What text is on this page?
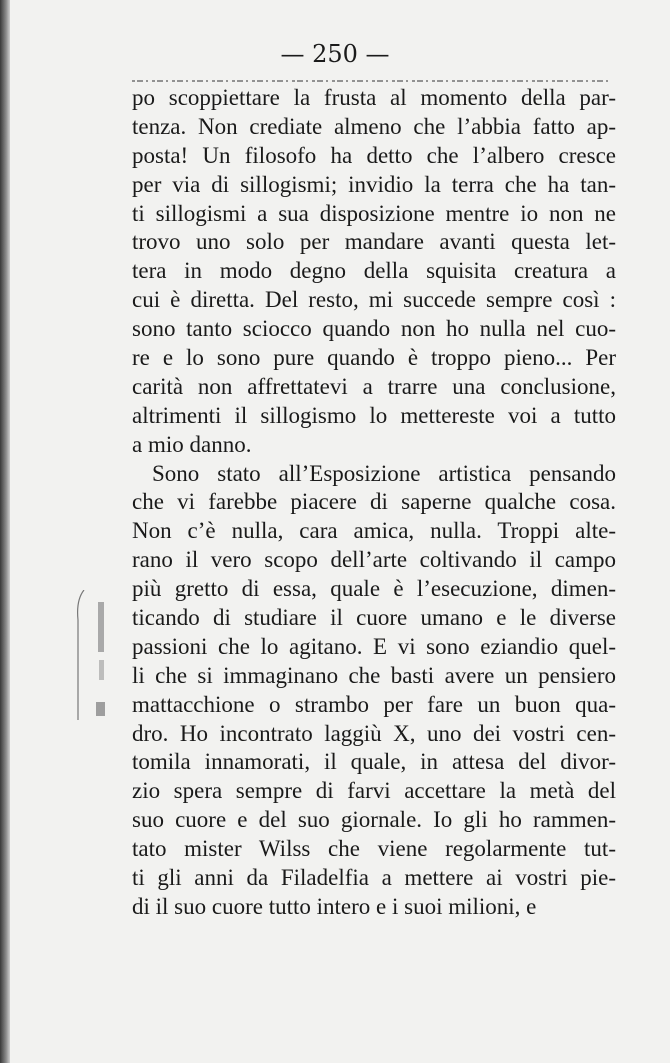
— 250 —
po scoppiettare la frusta al momento della par-
tenza. Non crediate almeno che l’abbia fatto ap-
posta! Un filosofo ha detto che l’albero cresce
per via di sillogismi; invidio la terra che ha tan-
ti sillogismi a sua disposizione mentre io non ne
trovo uno solo per mandare avanti questa let-
tera in modo degno della squisita creatura a
cui è diretta. Del resto, mi succede sempre così :
sono tanto sciocco quando non ho nulla nel cuo-
re e lo sono pure quando è troppo pieno... Per
carità non affrettatevi a trarre una conclusione,
altrimenti il sillogismo lo mettereste voi a tutto
a mio danno.
Sono stato all’Esposizione artistica pensando
che vi farebbe piacere di saperne qualche cosa.
Non c’è nulla, cara amica, nulla. Troppi alte-
rano il vero scopo dell’arte coltivando il campo
più gretto di essa, quale è l’esecuzione, dimen-
ticando di studiare il cuore umano e le diverse
passioni che lo agitano. E vi sono eziandio quel-
li che si immaginano che basti avere un pensiero
mattacchione o strambo per fare un buon qua-
dro. Ho incontrato laggiù X, uno dei vostri cen-
tomila innamorati, il quale, in attesa del divor-
zio spera sempre di farvi accettare la metà del
suo cuore e del suo giornale. Io gli ho rammen-
tato mister Wilss che viene regolarmente tut-
ti gli anni da Filadelfia a mettere ai vostri pie-
di il suo cuore tutto intero e i suoi milioni, e
